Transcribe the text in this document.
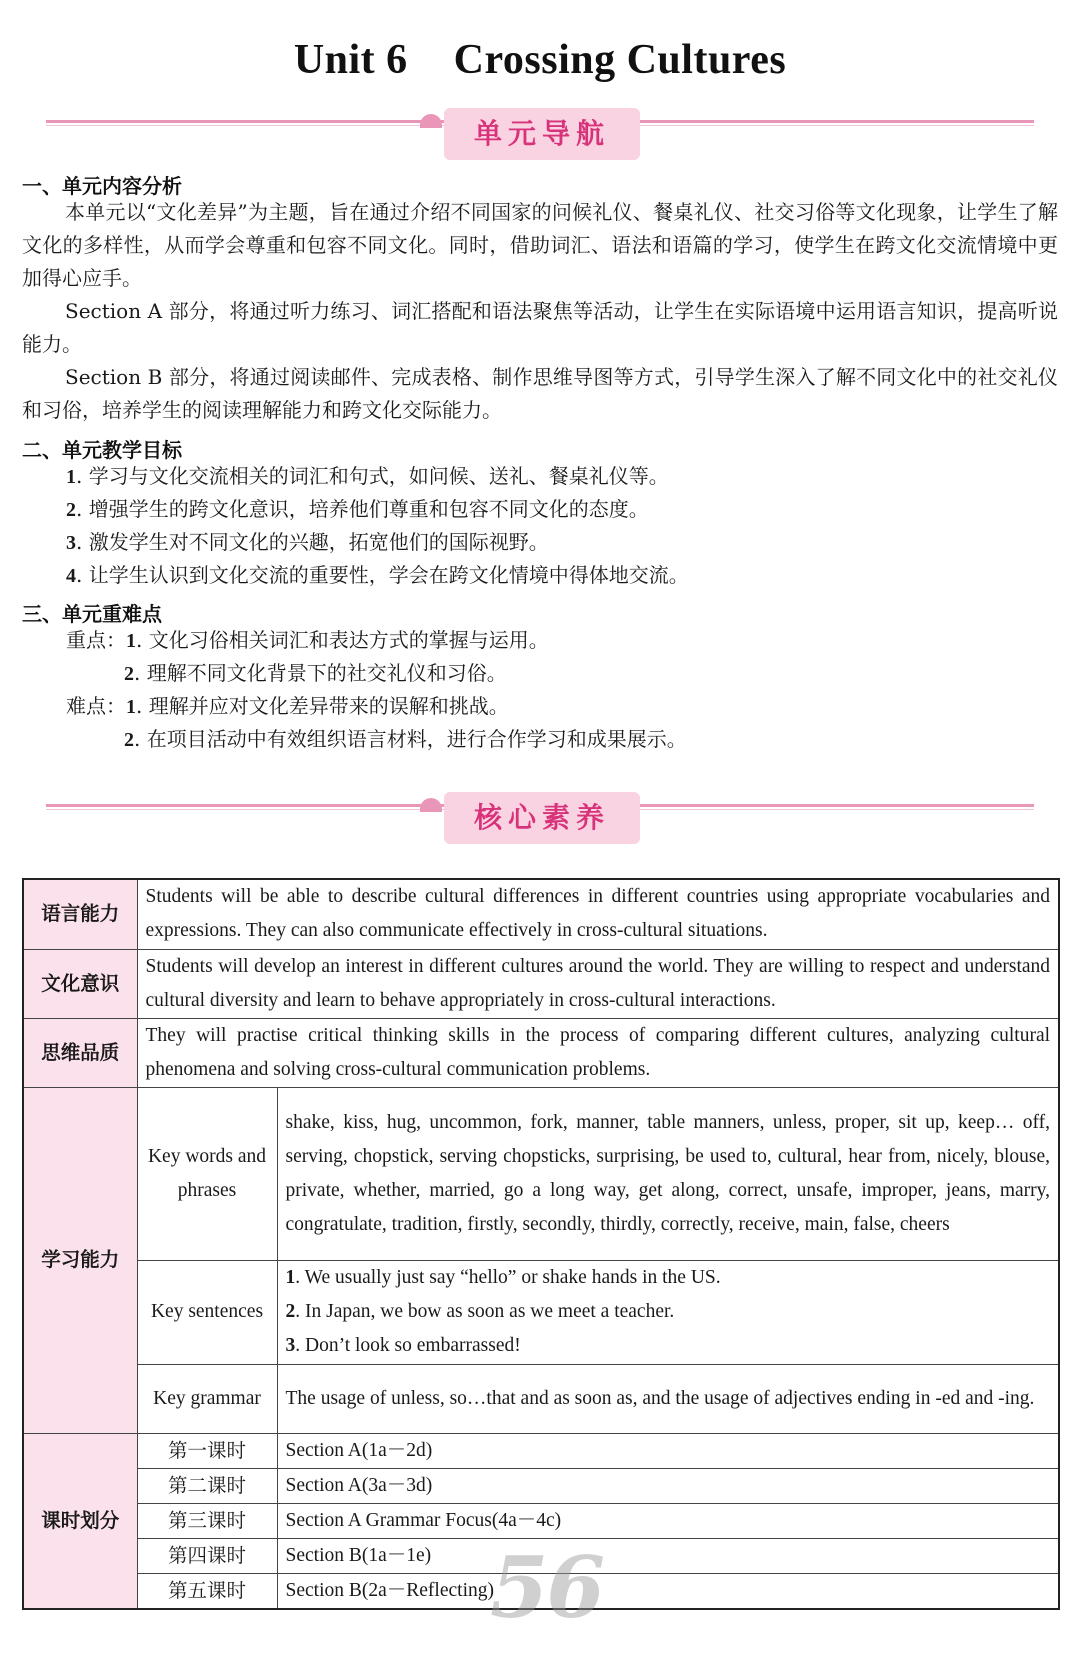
Unit 6 Crossing Cultures
单元导航
一、单元内容分析
本单元以“文化差异”为主题，旨在通过介绍不同国家的问候礼仪、餐桌礼仪、社交习俗等文化现象，让学生了解文化的多样性，从而学会尊重和包容不同文化。同时，借助词汇、语法和语篇的学习，使学生在跨文化交流情境中更加得心应手。
Section A 部分，将通过听力练习、词汇搭配和语法聚焦等活动，让学生在实际语境中运用语言知识，提高听说能力。
Section B 部分，将通过阅读邮件、完成表格、制作思维导图等方式，引导学生深入了解不同文化中的社交礼仪和习俗，培养学生的阅读理解能力和跨文化交际能力。
二、单元教学目标
1. 学习与文化交流相关的词汇和句式，如问候、送礼、餐桌礼仪等。
2. 增强学生的跨文化意识，培养他们尊重和包容不同文化的态度。
3. 激发学生对不同文化的兴趣，拓宽他们的国际视野。
4. 让学生认识到文化交流的重要性，学会在跨文化情境中得体地交流。
三、单元重难点
重点：1. 文化习俗相关词汇和表达方式的掌握与运用。
2. 理解不同文化背景下的社交礼仪和习俗。
难点：1. 理解并应对文化差异带来的误解和挑战。
2. 在项目活动中有效组织语言材料，进行合作学习和成果展示。
核心素养
语言能力	Students will be able to describe cultural differences in different countries using appropriate vocabularies and expressions. They can also communicate effectively in cross-cultural situations.	
文化意识	Students will develop an interest in different cultures around the world. They are willing to respect and understand cultural diversity and learn to behave appropriately in cross-cultural interactions.	
思维品质	They will practise critical thinking skills in the process of comparing different cultures, analyzing cultural phenomena and solving cross-cultural communication problems.	
学习能力	Key words and phrases	shake, kiss, hug, uncommon, fork, manner, table manners, unless, proper, sit up, keep… off, serving, chopstick, serving chopsticks, surprising, be used to, cultural, hear from, nicely, blouse, private, whether, married, go a long way, get along, correct, unsafe, improper, jeans, marry, congratulate, tradition, firstly, secondly, thirdly, correctly, receive, main, false, cheers
	Key sentences	1. We usually just say “hello” or shake hands in the US.
2. In Japan, we bow as soon as we meet a teacher.
3. Don’t look so embarrassed!

	Key grammar	The usage of unless, so…that and as soon as, and the usage of adjectives ending in -ed and -ing.
课时划分	第一课时	Section A(1a－2d)
	第二课时	Section A(3a－3d)
	第三课时	Section A Grammar Focus(4a－4c)
	第四课时	Section B(1a－1e)
	第五课时	Section B(2a－Reflecting)
56
